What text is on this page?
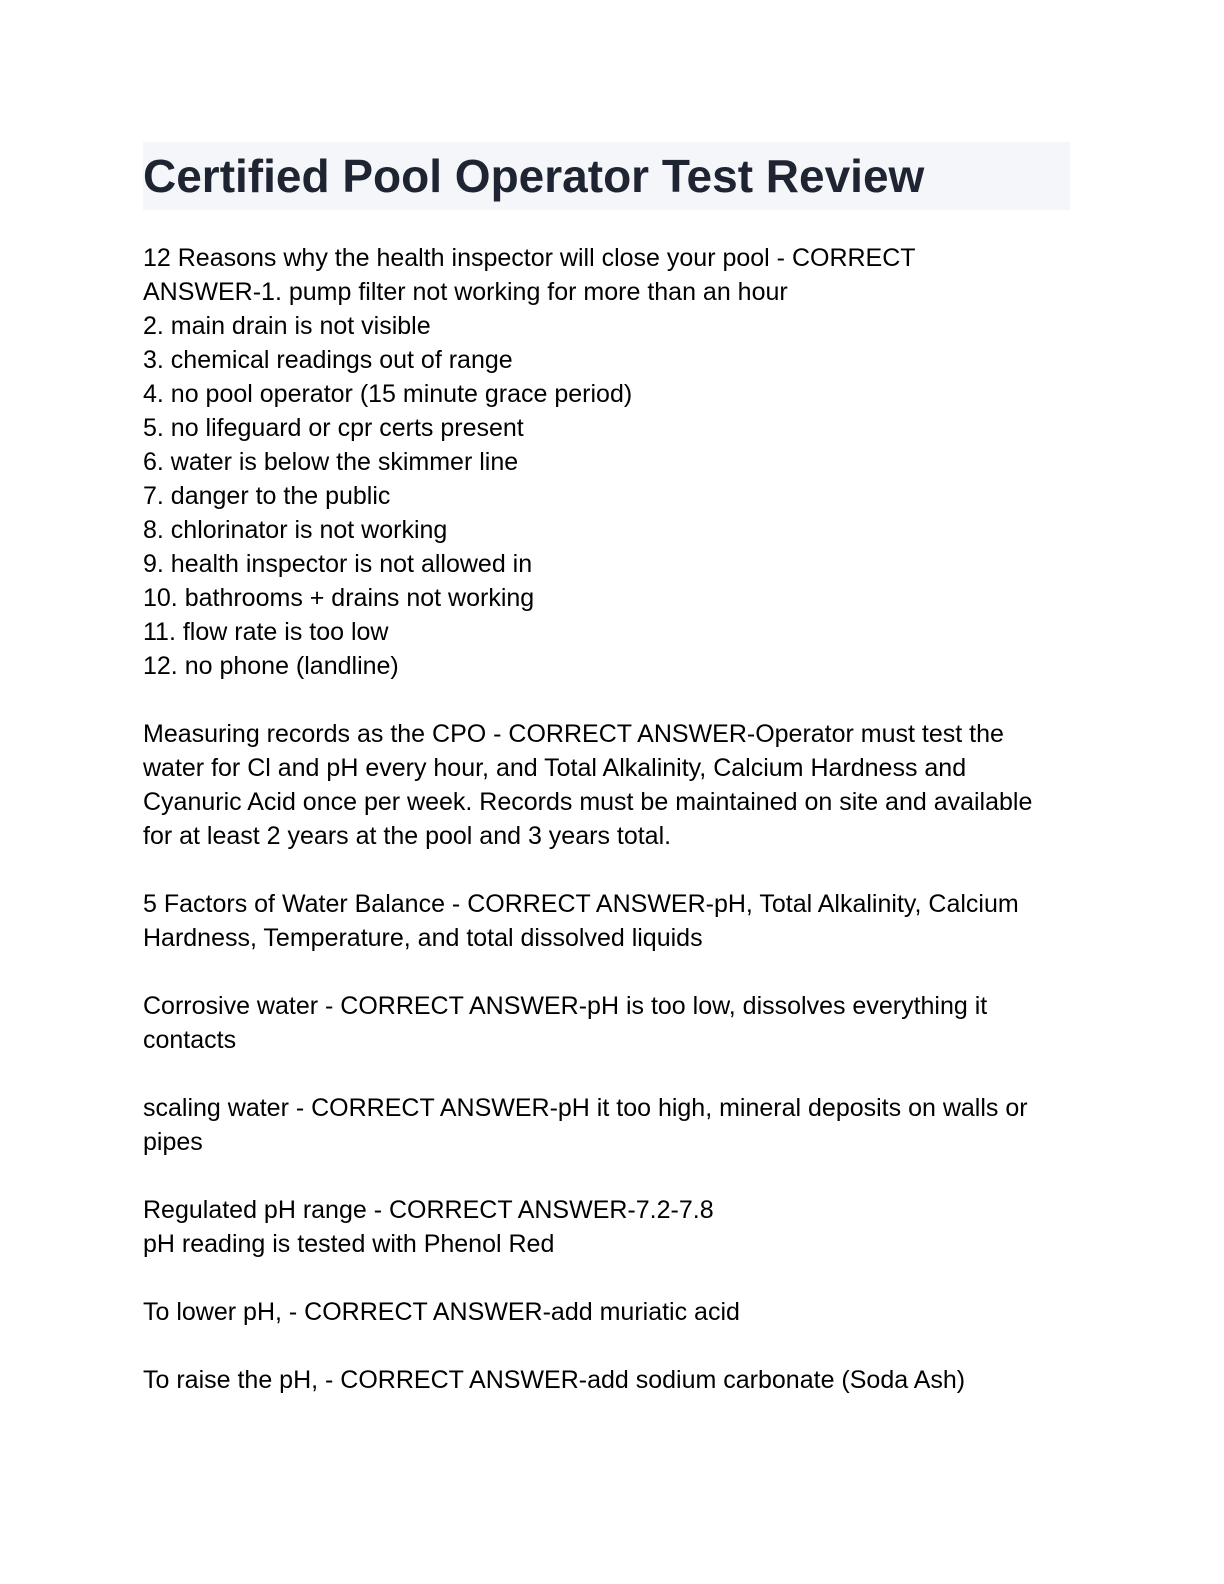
Certified Pool Operator Test Review
12 Reasons why the health inspector will close your pool - CORRECT
ANSWER-1. pump filter not working for more than an hour
2. main drain is not visible
3. chemical readings out of range
4. no pool operator (15 minute grace period)
5. no lifeguard or cpr certs present
6. water is below the skimmer line
7. danger to the public
8. chlorinator is not working
9. health inspector is not allowed in
10. bathrooms + drains not working
11. flow rate is too low
12. no phone (landline)
Measuring records as the CPO - CORRECT ANSWER-Operator must test the
water for Cl and pH every hour, and Total Alkalinity, Calcium Hardness and
Cyanuric Acid once per week. Records must be maintained on site and available
for at least 2 years at the pool and 3 years total.
5 Factors of Water Balance - CORRECT ANSWER-pH, Total Alkalinity, Calcium
Hardness, Temperature, and total dissolved liquids
Corrosive water - CORRECT ANSWER-pH is too low, dissolves everything it
contacts
scaling water - CORRECT ANSWER-pH it too high, mineral deposits on walls or
pipes
Regulated pH range - CORRECT ANSWER-7.2-7.8
pH reading is tested with Phenol Red
To lower pH, - CORRECT ANSWER-add muriatic acid
To raise the pH, - CORRECT ANSWER-add sodium carbonate (Soda Ash)
